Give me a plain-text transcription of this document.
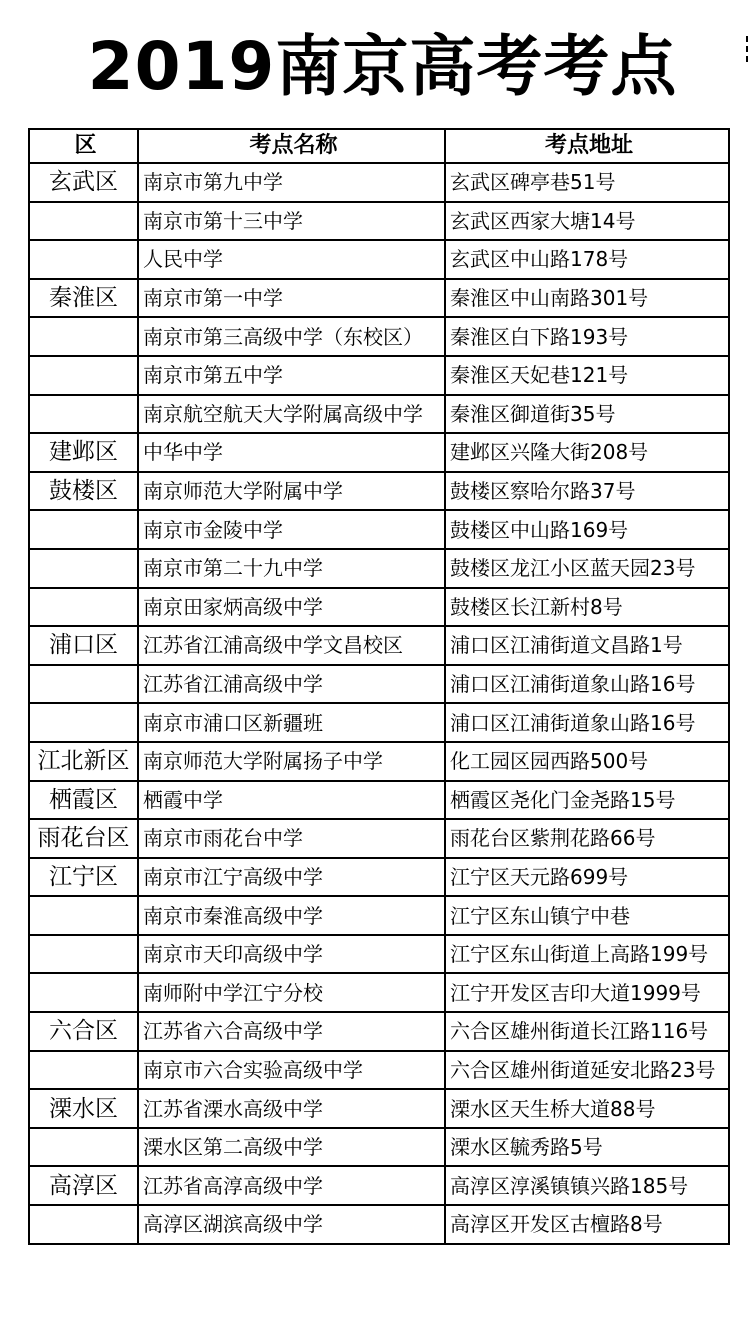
2019南京高考考点
区	考点名称	考点地址
玄武区	南京市第九中学	玄武区碑亭巷51号
	南京市第十三中学	玄武区西家大塘14号
	人民中学	玄武区中山路178号
秦淮区	南京市第一中学	秦淮区中山南路301号
	南京市第三高级中学（东校区）	秦淮区白下路193号
	南京市第五中学	秦淮区天妃巷121号
	南京航空航天大学附属高级中学	秦淮区御道街35号
建邺区	中华中学	建邺区兴隆大街208号
鼓楼区	南京师范大学附属中学	鼓楼区察哈尔路37号
	南京市金陵中学	鼓楼区中山路169号
	南京市第二十九中学	鼓楼区龙江小区蓝天园23号
	南京田家炳高级中学	鼓楼区长江新村8号
浦口区	江苏省江浦高级中学文昌校区	浦口区江浦街道文昌路1号
	江苏省江浦高级中学	浦口区江浦街道象山路16号
	南京市浦口区新疆班	浦口区江浦街道象山路16号
江北新区	南京师范大学附属扬子中学	化工园区园西路500号
栖霞区	栖霞中学	栖霞区尧化门金尧路15号
雨花台区	南京市雨花台中学	雨花台区紫荆花路66号
江宁区	南京市江宁高级中学	江宁区天元路699号
	南京市秦淮高级中学	江宁区东山镇宁中巷
	南京市天印高级中学	江宁区东山街道上高路199号
	南师附中学江宁分校	江宁开发区吉印大道1999号
六合区	江苏省六合高级中学	六合区雄州街道长江路116号
	南京市六合实验高级中学	六合区雄州街道延安北路23号
溧水区	江苏省溧水高级中学	溧水区天生桥大道88号
	溧水区第二高级中学	溧水区毓秀路5号
高淳区	江苏省高淳高级中学	高淳区淳溪镇镇兴路185号
	高淳区湖滨高级中学	高淳区开发区古檀路8号
